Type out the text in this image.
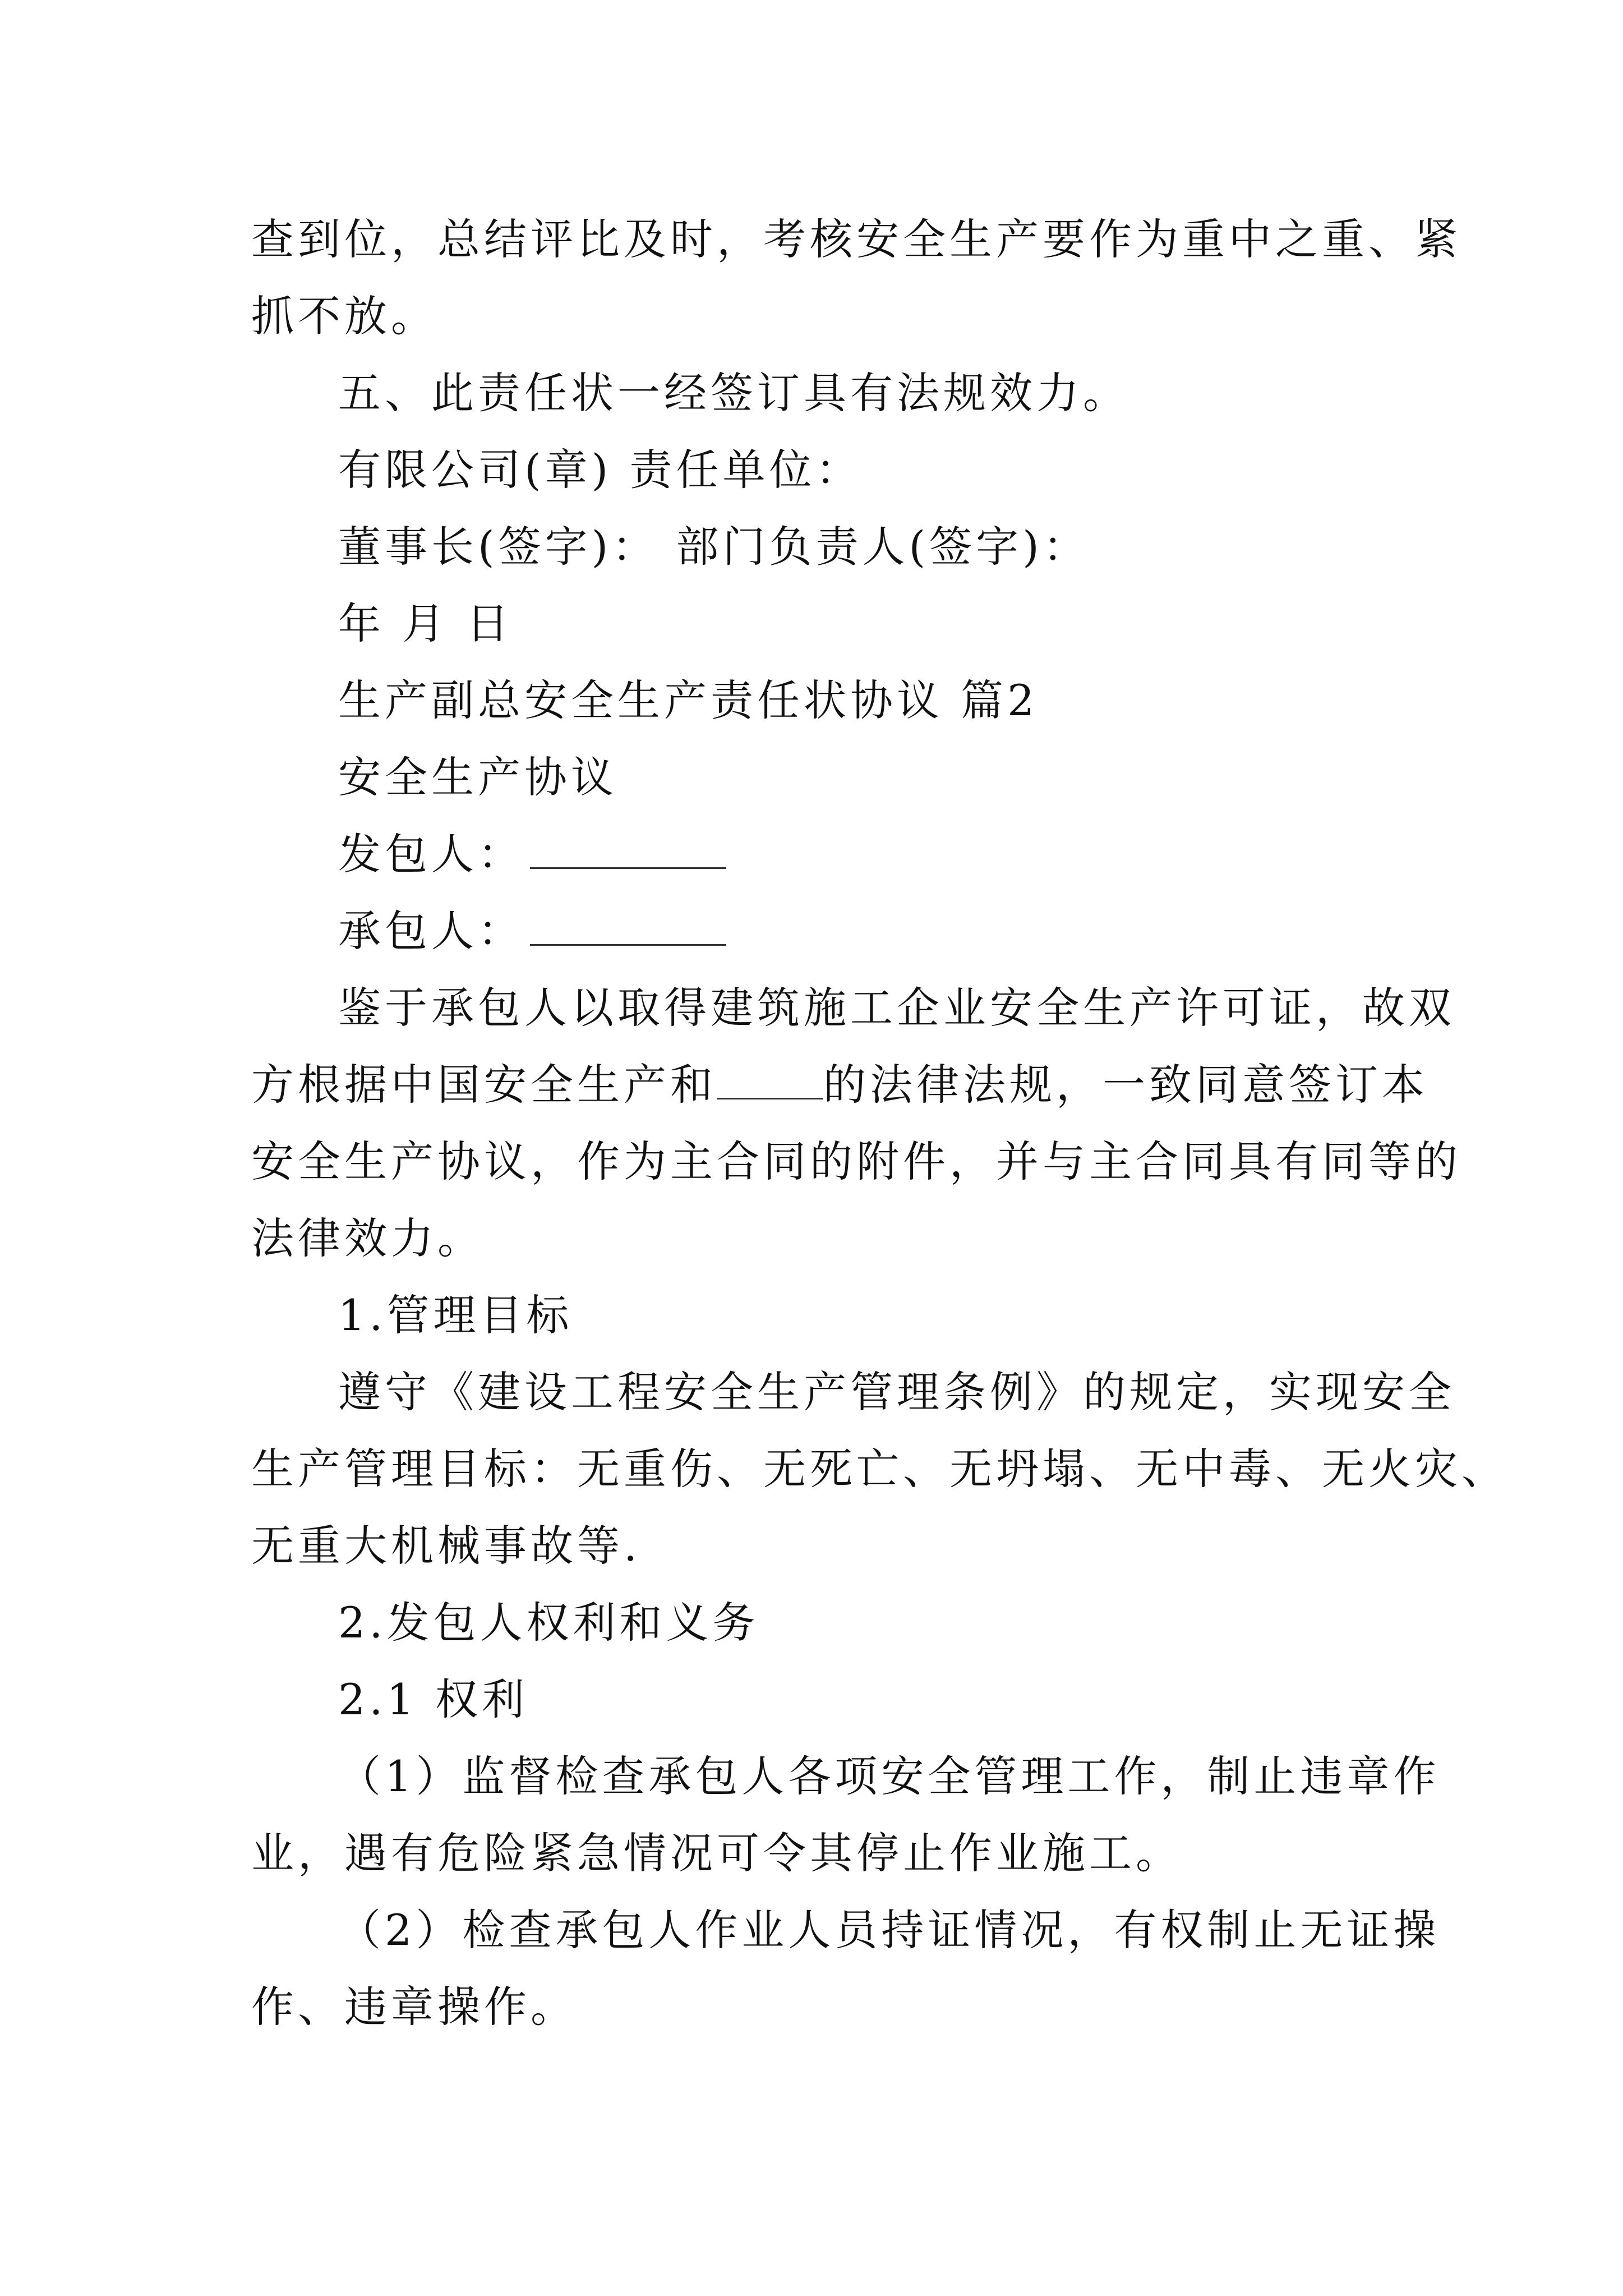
查到位，总结评比及时，考核安全生产要作为重中之重、紧
抓不放。
五、此责任状一经签订具有法规效力。
有限公司(章) 责任单位：
董事长(签字)： 部门负责人(签字)：
年 月 日
生产副总安全生产责任状协议 篇2
安全生产协议
发包人：
承包人：
鉴于承包人以取得建筑施工企业安全生产许可证，故双
方根据中国安全生产和	的法律法规，一致同意签订本
安全生产协议，作为主合同的附件，并与主合同具有同等的
法律效力。
1.管理目标
遵守《建设工程安全生产管理条例》的规定，实现安全
生产管理目标：无重伤、无死亡、无坍塌、无中毒、无火灾、
无重大机械事故等.
2.发包人权利和义务
2.1 权利
（1）监督检查承包人各项安全管理工作，制止违章作
业，遇有危险紧急情况可令其停止作业施工。
（2）检查承包人作业人员持证情况，有权制止无证操
作、违章操作。
